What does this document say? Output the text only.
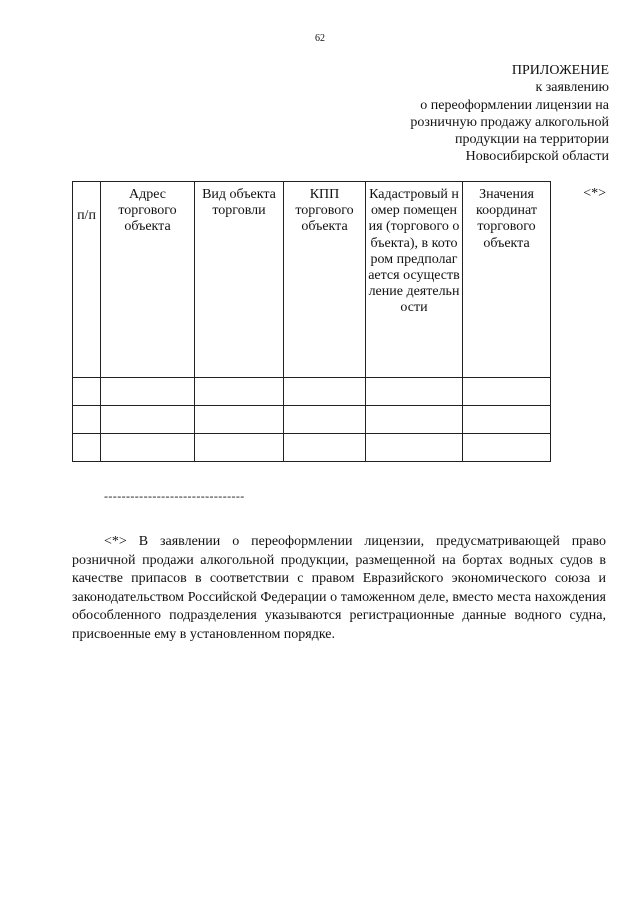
62
ПРИЛОЖЕНИЕ
к заявлению
о переоформлении лицензии на
розничную продажу алкогольной
продукции на территории
Новосибирской области
п/п	Адрес торгового объекта	Вид объекта торговли	КПП торгового объекта	Кадастровый номер помещения (торгового объекта), в котором предполагается осуществление деятельности	Значения координат торгового объекта

<*>
--------------------------------

<*> В заявлении о переоформлении лицензии, предусматривающей право розничной продажи алкогольной продукции, размещенной на бортах водных судов в качестве припасов в соответствии с правом Евразийского экономического союза и законодательством Российской Федерации о таможенном деле, вместо места нахождения обособленного подразделения указываются регистрационные данные водного судна, присвоенные ему в установленном порядке.
